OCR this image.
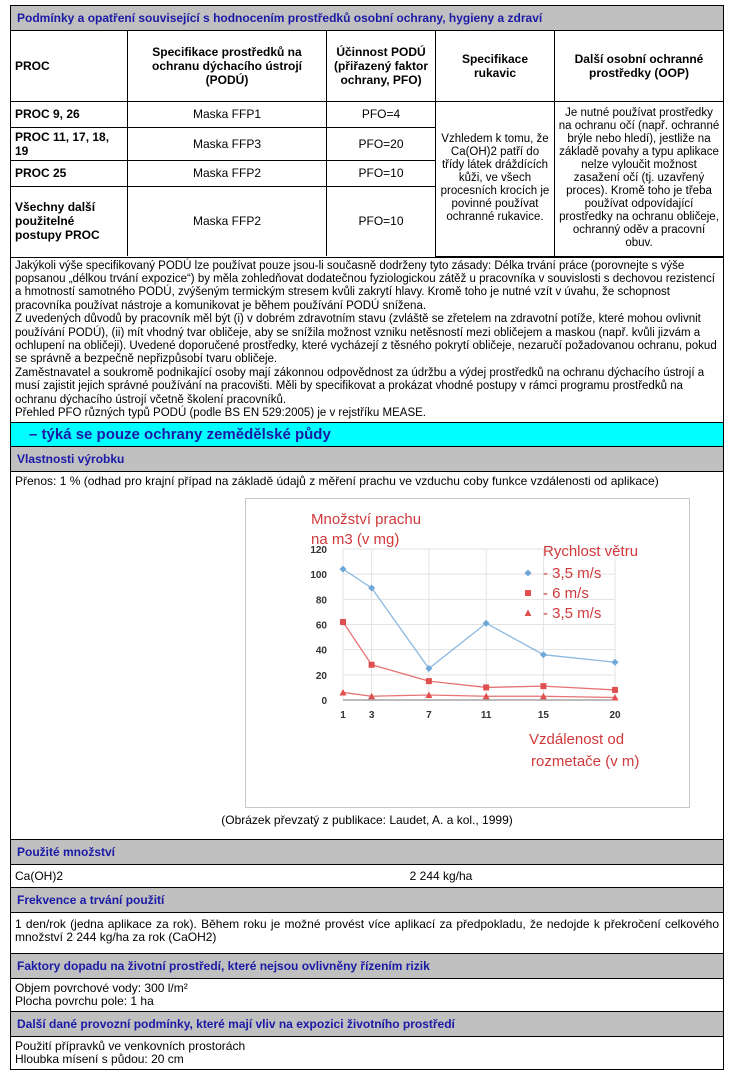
Podmínky a opatření související s hodnocením prostředků osobní ochrany, hygieny a zdraví
PROC	Specifikace prostředků na ochranu dýchacího ústrojí (PODÚ)	Účinnost PODÚ (přiřazený faktor ochrany, PFO)	Specifikace rukavic	Další osobní ochranné prostředky (OOP)
PROC 9, 26	Maska FFP1	PFO=4	Vzhledem k tomu, že Ca(OH)2 patří do třídy látek dráždících kůži, ve všech procesních krocích je povinné používat ochranné rukavice.	Je nutné používat prostředky na ochranu očí (např. ochranné brýle nebo hledí), jestliže na základě povahy a typu aplikace nelze vyloučit možnost zasažení očí (tj. uzavřený proces). Kromě toho je třeba používat odpovídající prostředky na ochranu obličeje, ochranný oděv a pracovní obuv.
PROC 11, 17, 18, 19	Maska FFP3	PFO=20		
PROC 25	Maska FFP2	PFO=10		
Všechny další použitelné postupy PROC	Maska FFP2	PFO=10		
Jakýkoli výše specifikovaný PODÚ lze používat pouze jsou-li současně dodrženy tyto zásady: Délka trvání práce (porovnejte s výše popsanou „délkou trvání expozice“) by měla zohledňovat dodatečnou fyziologickou zátěž u pracovníka v souvislosti s dechovou rezistencí a hmotností samotného PODÚ, zvýšeným termickým stresem kvůli zakrytí hlavy. Kromě toho je nutné vzít v úvahu, že schopnost pracovníka používat nástroje a komunikovat je během používání PODÚ snížena.
Z uvedených důvodů by pracovník měl být (i) v dobrém zdravotním stavu (zvláště se zřetelem na zdravotní potíže, které mohou ovlivnit používání PODÚ), (ii) mít vhodný tvar obličeje, aby se snížila možnost vzniku netěsností mezi obličejem a maskou (např. kvůli jizvám a ochlupení na obličeji). Uvedené doporučené prostředky, které vycházejí z těsného pokrytí obličeje, nezaručí požadovanou ochranu, pokud se správně a bezpečně nepřizpůsobí tvaru obličeje.
Zaměstnavatel a soukromě podnikající osoby mají zákonnou odpovědnost za údržbu a výdej prostředků na ochranu dýchacího ústrojí a musí zajistit jejich správné používání na pracovišti. Měli by specifikovat a prokázat vhodné postupy v rámci programu prostředků na ochranu dýchacího ústrojí včetně školení pracovníků.
Přehled PFO různých typů PODÚ (podle BS EN 529:2005) je v rejstříku MEASE.
– týká se pouze ochrany zemědělské půdy
Vlastnosti výrobku
Přenos: 1 % (odhad pro krajní případ na základě údajů z měření prachu ve vzduchu coby funkce vzdálenosti od aplikace)
0
20
40
60
80
100
120
1 3	7	11	15	20
- 3,5 m/s
- 6 m/s
- 3,5 m/s
Množství prachu
na m3 (v mg)
Rychlost větru
Vzdálenost od
rozmetače (v m)
(Obrázek převzatý z publikace: Laudet, A. a kol., 1999)
Použité množství
Ca(OH)2	2 244 kg/ha
Frekvence a trvání použití
1 den/rok (jedna aplikace za rok). Během roku je možné provést více aplikací za předpokladu, že nedojde k překročení celkového množství 2 244 kg/ha za rok (CaOH2)
Faktory dopadu na životní prostředí, které nejsou ovlivněny řízením rizik
Objem povrchové vody: 300 l/m²
Plocha povrchu pole: 1 ha
Další dané provozní podmínky, které mají vliv na expozici životního prostředí
Použití přípravků ve venkovních prostorách
Hloubka mísení s půdou: 20 cm
